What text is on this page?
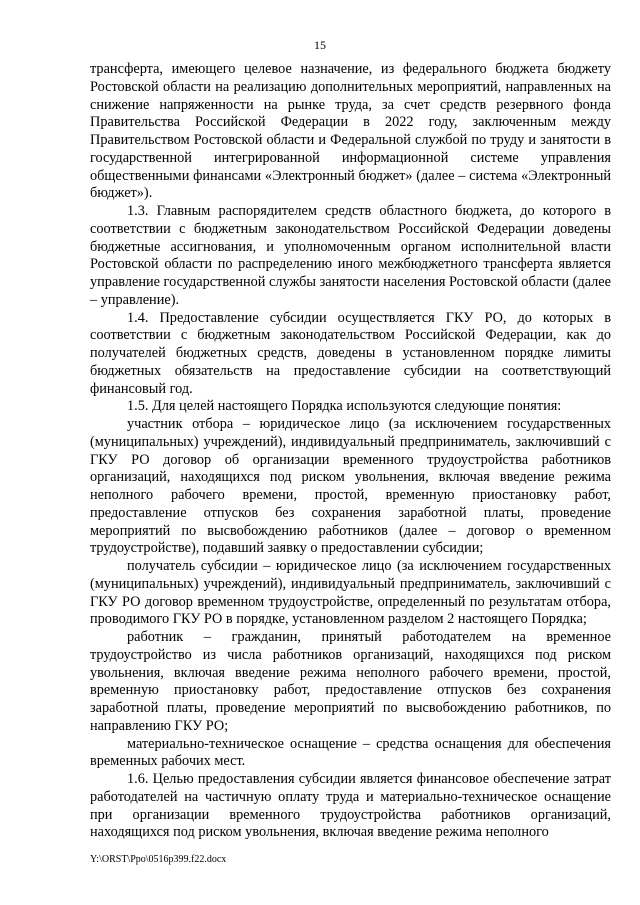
15

трансферта, имеющего целевое назначение, из федерального бюджета бюджету Ростовской области на реализацию дополнительных мероприятий, направленных на снижение напряженности на рынке труда, за счет средств резервного фонда Правительства Российской Федерации в 2022 году, заключенным между Правительством Ростовской области и Федеральной службой по труду и занятости в государственной интегрированной информационной системе управления общественными финансами «Электронный бюджет» (далее – система «Электронный бюджет»).

1.3. Главным распорядителем средств областного бюджета, до которого в соответствии с бюджетным законодательством Российской Федерации доведены бюджетные ассигнования, и уполномоченным органом исполнительной власти Ростовской области по распределению иного межбюджетного трансферта является управление государственной службы занятости населения Ростовской области (далее – управление).

1.4. Предоставление субсидии осуществляется ГКУ РО, до которых в соответствии с бюджетным законодательством Российской Федерации, как до получателей бюджетных средств, доведены в установленном порядке лимиты бюджетных обязательств на предоставление субсидии на соответствующий финансовый год.

1.5. Для целей настоящего Порядка используются следующие понятия:

участник отбора – юридическое лицо (за исключением государственных (муниципальных) учреждений), индивидуальный предприниматель, заключивший с ГКУ РО договор об организации временного трудоустройства работников организаций, находящихся под риском увольнения, включая введение режима неполного рабочего времени, простой, временную приостановку работ, предоставление отпусков без сохранения заработной платы, проведение мероприятий по высвобождению работников (далее – договор о временном трудоустройстве), подавший заявку о предоставлении субсидии;

получатель субсидии – юридическое лицо (за исключением государственных (муниципальных) учреждений), индивидуальный предприниматель, заключивший с ГКУ РО договор временном трудоустройстве, определенный по результатам отбора, проводимого ГКУ РО в порядке, установленном разделом 2 настоящего Порядка;

работник – гражданин, принятый работодателем на временное трудоустройство из числа работников организаций, находящихся под риском увольнения, включая введение режима неполного рабочего времени, простой, временную приостановку работ, предоставление отпусков без сохранения заработной платы, проведение мероприятий по высвобождению работников, по направлению ГКУ РО;

материально-техническое оснащение – средства оснащения для обеспечения временных рабочих мест.

1.6. Целью предоставления субсидии является финансовое обеспечение затрат работодателей на частичную оплату труда и материально-техническое оснащение при организации временного трудоустройства работников организаций, находящихся под риском увольнения, включая введение режима неполного

Y:\ORST\Ppo\0516p399.f22.docx
